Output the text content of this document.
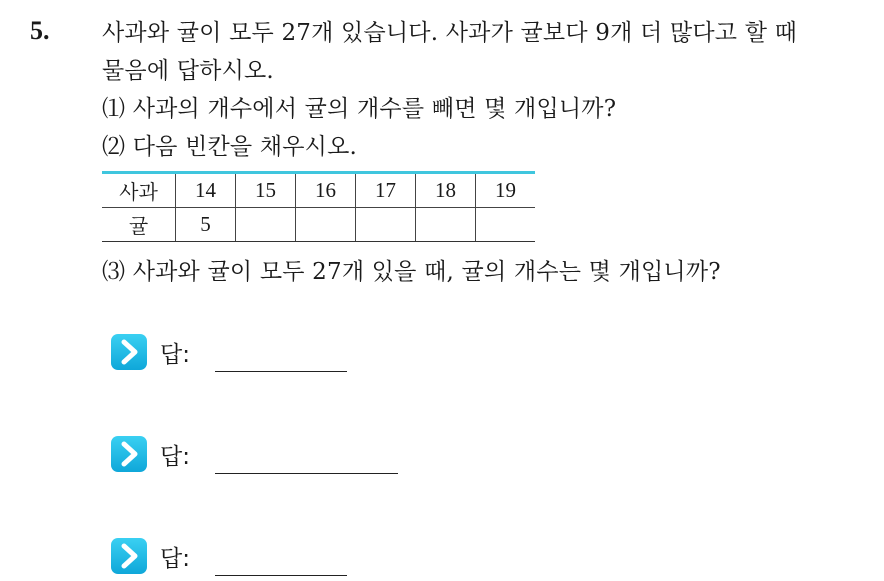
5. 사과와 귤이 모두 27개 있습니다. 사과가 귤보다 9개 더 많다고 할 때
물음에 답하시오.
⑴ 사과의 개수에서 귤의 개수를 빼면 몇 개입니까?
⑵ 다음 빈칸을 채우시오.
사과	14	15	16	17	18	19
귤	5					
⑶ 사과와 귤이 모두 27개 있을 때, 귤의 개수는 몇 개입니까?
답:
답:
답:
